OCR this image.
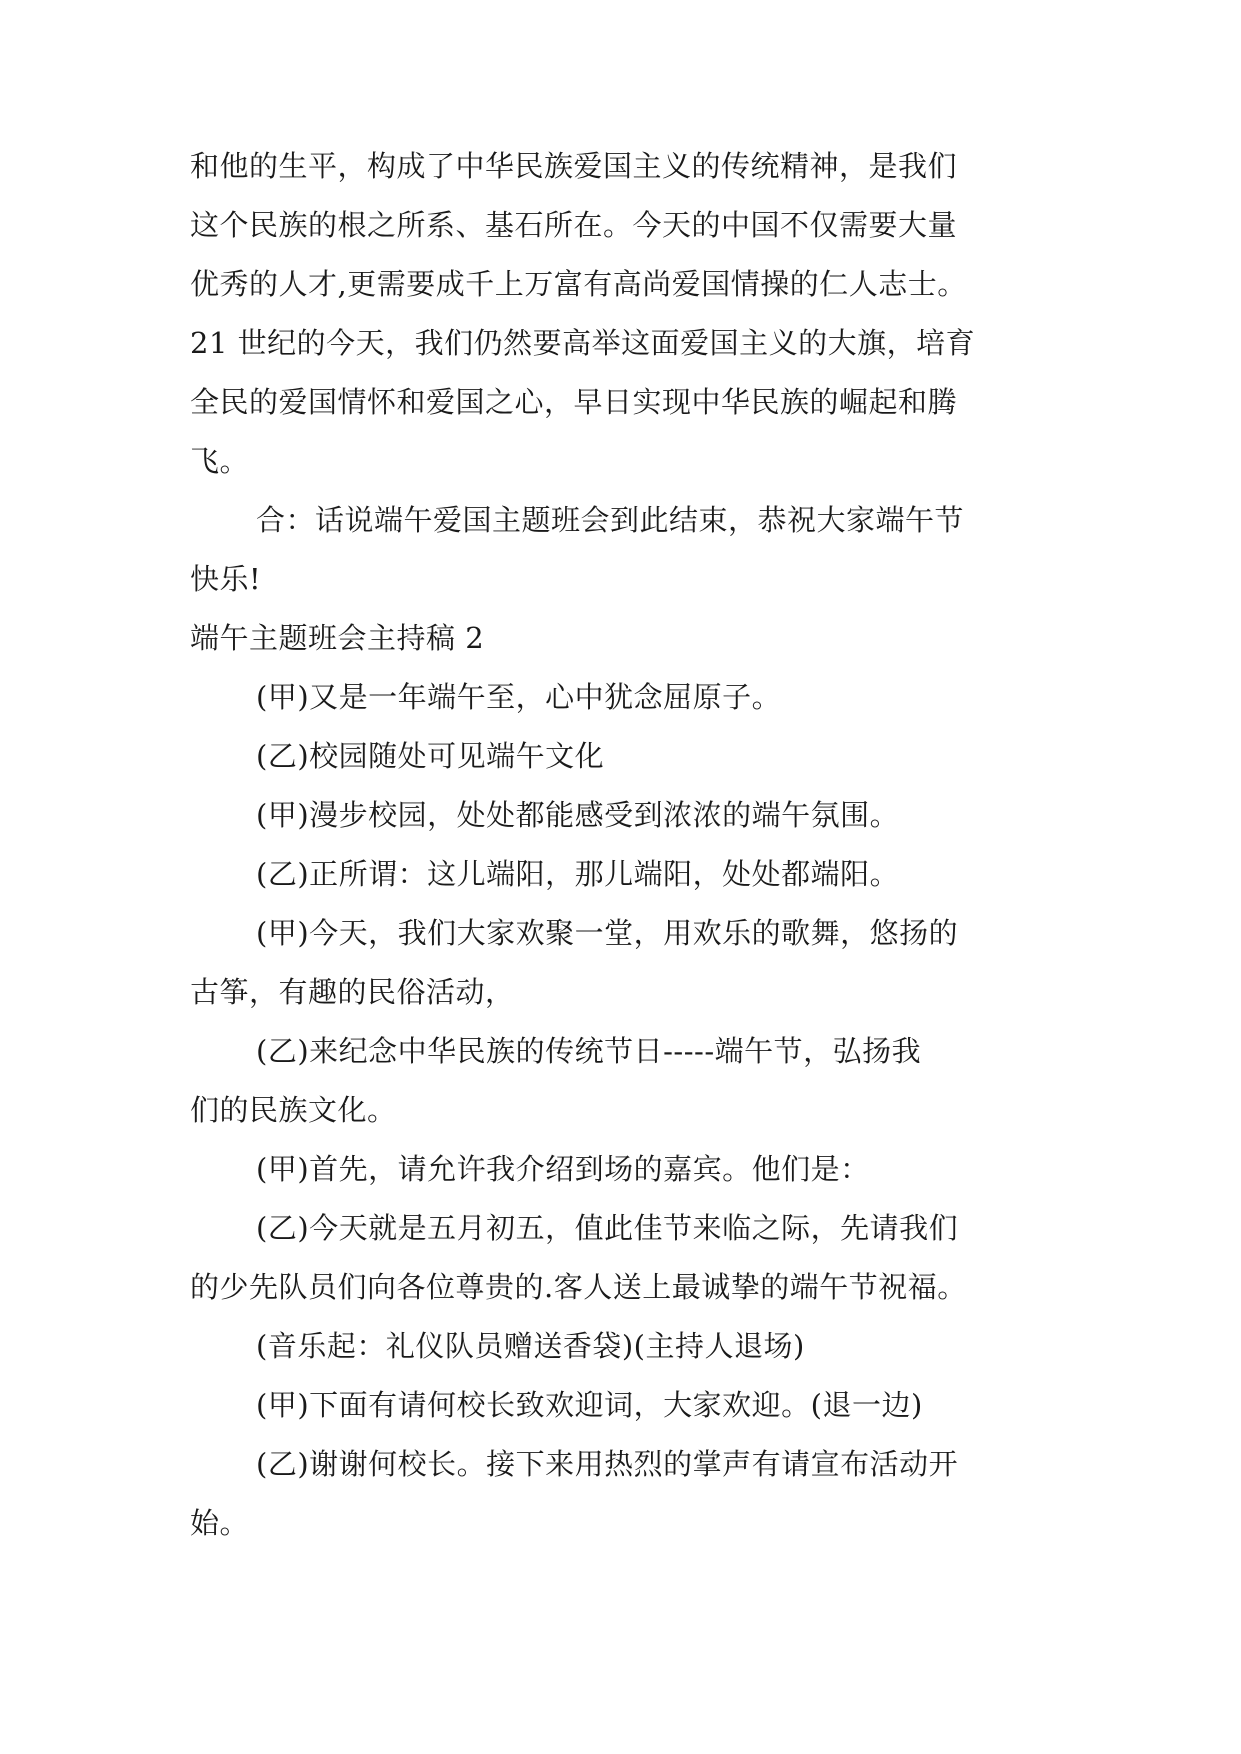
和他的生平，构成了中华民族爱国主义的传统精神，是我们
这个民族的根之所系、基石所在。今天的中国不仅需要大量
优秀的人才,更需要成千上万富有高尚爱国情操的仁人志士。
21 世纪的今天，我们仍然要高举这面爱国主义的大旗，培育
全民的爱国情怀和爱国之心，早日实现中华民族的崛起和腾
飞。
合：话说端午爱国主题班会到此结束，恭祝大家端午节
快乐!
端午主题班会主持稿 2
(甲)又是一年端午至，心中犹念屈原子。
(乙)校园随处可见端午文化
(甲)漫步校园，处处都能感受到浓浓的端午氛围。
(乙)正所谓：这儿端阳，那儿端阳，处处都端阳。
(甲)今天，我们大家欢聚一堂，用欢乐的歌舞，悠扬的
古筝，有趣的民俗活动，
(乙)来纪念中华民族的传统节日-----端午节，弘扬我
们的民族文化。
(甲)首先，请允许我介绍到场的嘉宾。他们是：
(乙)今天就是五月初五，值此佳节来临之际，先请我们
的少先队员们向各位尊贵的.客人送上最诚挚的端午节祝福。
(音乐起：礼仪队员赠送香袋)(主持人退场)
(甲)下面有请何校长致欢迎词，大家欢迎。(退一边)
(乙)谢谢何校长。接下来用热烈的掌声有请宣布活动开
始。
